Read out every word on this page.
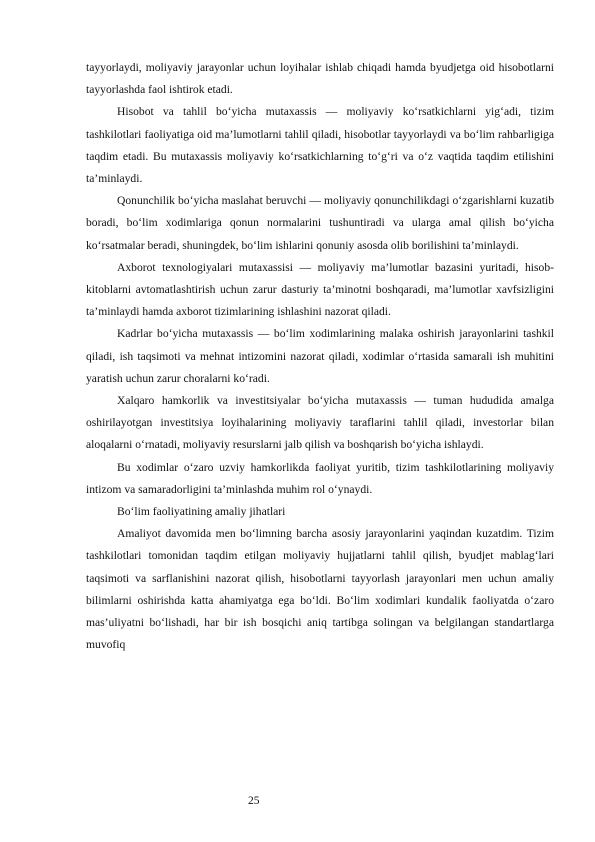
tayyorlaydi, moliyaviy jarayonlar uchun loyihalar ishlab chiqadi hamda byudjetga oid hisobotlarni tayyorlashda faol ishtirok etadi.

Hisobot va tahlil bo‘yicha mutaxassis — moliyaviy ko‘rsatkichlarni yig‘adi, tizim tashkilotlari faoliyatiga oid ma’lumotlarni tahlil qiladi, hisobotlar tayyorlaydi va bo‘lim rahbarligiga taqdim etadi. Bu mutaxassis moliyaviy ko‘rsatkichlarning to‘g‘ri va o‘z vaqtida taqdim etilishini ta’minlaydi.

Qonunchilik bo‘yicha maslahat beruvchi — moliyaviy qonunchilikdagi o‘zgarishlarni kuzatib boradi, bo‘lim xodimlariga qonun normalarini tushuntiradi va ularga amal qilish bo‘yicha ko‘rsatmalar beradi, shuningdek, bo‘lim ishlarini qonuniy asosda olib borilishini ta’minlaydi.

Axborot texnologiyalari mutaxassisi — moliyaviy ma’lumotlar bazasini yuritadi, hisob-kitoblarni avtomatlashtirish uchun zarur dasturiy ta’minotni boshqaradi, ma’lumotlar xavfsizligini ta’minlaydi hamda axborot tizimlarining ishlashini nazorat qiladi.

Kadrlar bo‘yicha mutaxassis — bo‘lim xodimlarining malaka oshirish jarayonlarini tashkil qiladi, ish taqsimoti va mehnat intizomini nazorat qiladi, xodimlar o‘rtasida samarali ish muhitini yaratish uchun zarur choralarni ko‘radi.

Xalqaro hamkorlik va investitsiyalar bo‘yicha mutaxassis — tuman hududida amalga oshirilayotgan investitsiya loyihalarining moliyaviy taraflarini tahlil qiladi, investorlar bilan aloqalarni o‘rnatadi, moliyaviy resurslarni jalb qilish va boshqarish bo‘yicha ishlaydi.

Bu xodimlar o‘zaro uzviy hamkorlikda faoliyat yuritib, tizim tashkilotlarining moliyaviy intizom va samaradorligini ta’minlashda muhim rol o‘ynaydi.

Bo‘lim faoliyatining amaliy jihatlari

Amaliyot davomida men bo‘limning barcha asosiy jarayonlarini yaqindan kuzatdim. Tizim tashkilotlari tomonidan taqdim etilgan moliyaviy hujjatlarni tahlil qilish, byudjet mablag‘lari taqsimoti va sarflanishini nazorat qilish, hisobotlarni tayyorlash jarayonlari men uchun amaliy bilimlarni oshirishda katta ahamiyatga ega bo‘ldi. Bo‘lim xodimlari kundalik faoliyatda o‘zaro mas’uliyatni bo‘lishadi, har bir ish bosqichi aniq tartibga solingan va belgilangan standartlarga muvofiq

25
